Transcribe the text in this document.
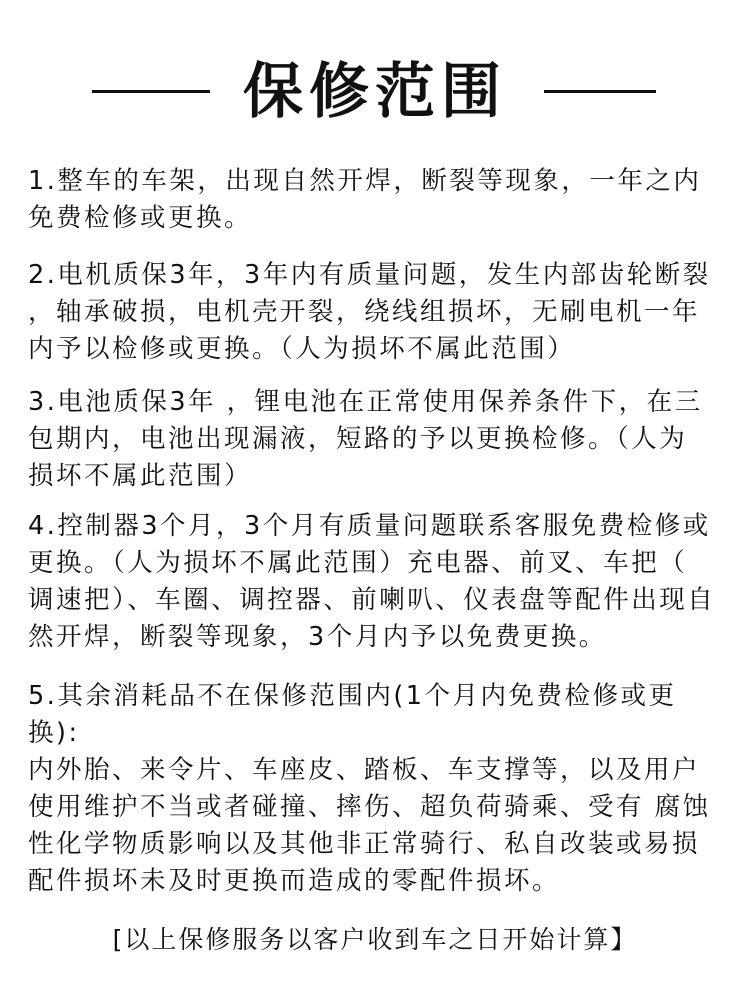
保修范围
1.整车的车架，出现自然开焊，断裂等现象，一年之内
免费检修或更换。
2.电机质保3年，3年内有质量问题，发生内部齿轮断裂
，轴承破损，电机壳开裂，绕线组损坏，无刷电机一年
内予以检修或更换。（人为损坏不属此范围）
3.电池质保3年 ，锂电池在正常使用保养条件下，在三
包期内，电池出现漏液，短路的予以更换检修。（人为
损坏不属此范围）
4.控制器3个月，3个月有质量问题联系客服免费检修或
更换。（人为损坏不属此范围）充电器、前叉、车把（
调速把）、车圈、调控器、前喇叭、仪表盘等配件出现自
然开焊，断裂等现象，3个月内予以免费更换。
5.其余消耗品不在保修范围内(1个月内免费检修或更换):
内外胎、来令片、车座皮、踏板、车支撑等，以及用户
使用维护不当或者碰撞、摔伤、超负荷骑乘、受有 腐蚀
性化学物质影响以及其他非正常骑行、私自改装或易损
配件损坏未及时更换而造成的零配件损坏。
[以上保修服务以客户收到车之日开始计算】
